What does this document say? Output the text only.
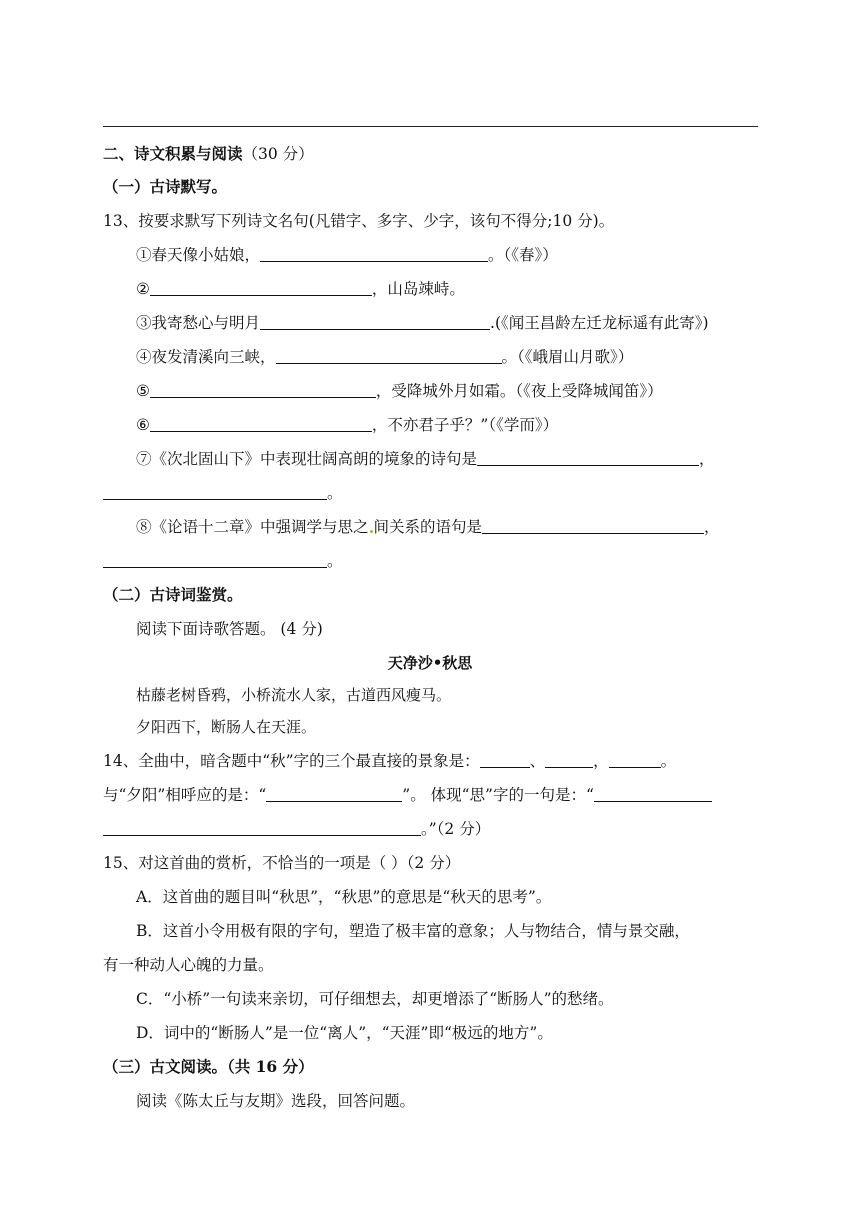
二、诗文积累与阅读（30 分）
（一）古诗默写。
13、按要求默写下列诗文名句(凡错字、多字、少字，该句不得分;10 分)。
①春天像小姑娘，	。（《春》）
②	，山岛竦峙。
③我寄愁心与明月	.(《闻王昌龄左迁龙标遥有此寄》)
④夜发清溪向三峡，	。（《峨眉山月歌》）
⑤	，受降城外月如霜。（《夜上受降城闻笛》）
⑥	，不亦君子乎？”（《学而》）
⑦《次北固山下》中表现壮阔高朗的境象的诗句是	，
。
⑧《论语十二章》中强调学与思之 间关系的语句是	，
。
（二）古诗词鉴赏。
阅读下面诗歌答题。 (4 分)
天净沙•秋思
枯藤老树昏鸦，小桥流水人家，古道西风瘦马。
夕阳西下，断肠人在天涯。
14、全曲中，暗含题中“秋”字的三个最直接的景象是：	、	，	。
与“夕阳”相呼应的是：“	”。 体现“思”字的一句是：“
。”（2 分）
15、对这首曲的赏析，不恰当的一项是（ ）（2 分）
A．这首曲的题目叫“秋思”，“秋思”的意思是“秋天的思考”。
B．这首小令用极有限的字句，塑造了极丰富的意象；人与物结合，情与景交融，
有一种动人心魄的力量。
C．“小桥”一句读来亲切，可仔细想去，却更增添了“断肠人”的愁绪。
D．词中的“断肠人”是一位“离人”，“天涯”即“极远的地方”。
（三）古文阅读。（共 16 分）
阅读《陈太丘与友期》选段，回答问题。
